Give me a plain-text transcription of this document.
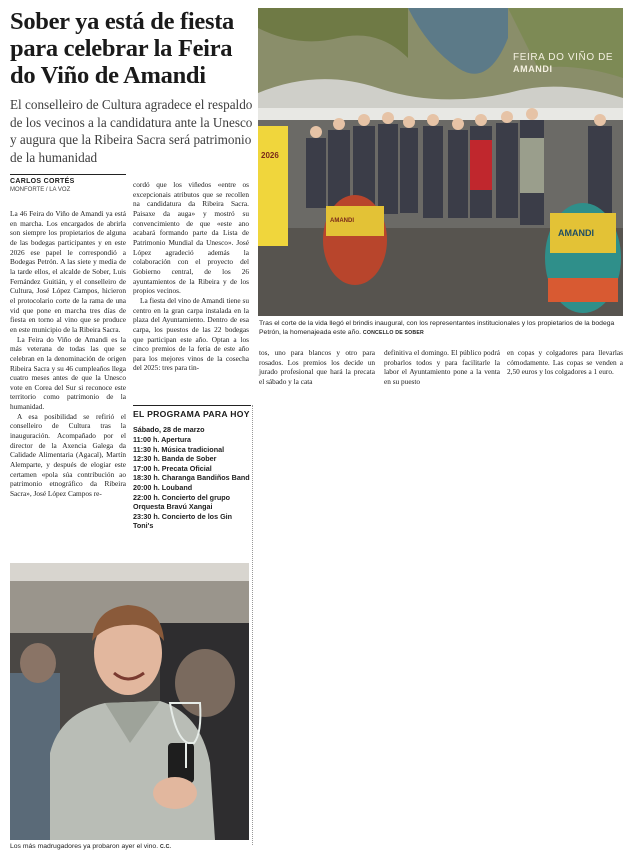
Sober ya está de fiesta para celebrar la Feira do Viño de Amandi
El conselleiro de Cultura agradece el respaldo de los vecinos a la candidatura ante la Unesco y augura que la Ribeira Sacra será patrimonio de la humanidad
CARLOS CORTÉS
MONFORTE / LA VOZ

La 46 Feira do Viño de Amandi ya está en marcha. Los encargados de abrirla son siempre los propietarios de alguna de las bodegas participantes y en este 2026 ese papel le correspondió a Bodegas Petrón. A las siete y media de la tarde ellos, el alcalde de Sober, Luis Fernández Guitián, y el conselleiro de Cultura, José López Campos, hicieron el protocolario corte de la rama de una vid que pone en marcha tres días de fiesta en torno al vino que se produce en este municipio de la Ribeira Sacra.

La Feira do Viño de Amandi es la más veterana de todas las que se celebran en la denominación de origen Ribeira Sacra y su 46 cumpleaños llega cuatro meses antes de que la Unesco vote en Corea del Sur si reconoce este territorio como patrimonio de la humanidad.

A esa posibilidad se refirió el conselleiro de Cultura tras la inauguración. Acompañado por el director de la Axencia Galega da Calidade Alimentaria (Agacal), Martín Alemparte, y después de elogiar este certamen «pola súa contribución ao patrimonio etnográfico da Ribeira Sacra», José López Campos re-

cordó que los viñedos «entre os excepcionais atributos que se recollen na candidatura da Ribeira Sacra. Paisaxe da auga» y mostró su convencimiento de que «este ano acabará formando parte da Lista de Patrimonio Mundial da Unesco». José López agradeció además la colaboración con el proyecto del Gobierno central, de los 26 ayuntamientos de la Ribeira y de los propios vecinos.

La fiesta del vino de Amandi tiene su centro en la gran carpa instalada en la plaza del Ayuntamiento. Dentro de esa carpa, los puestos de las 22 bodegas que participan este año. Optan a los cinco premios de la feria de este año para los mejores vinos de la cosecha del 2025: tres para tin-

FEIRA DO VIÑO DE
AMANDI
2026
AMANDI
AMANDI
Tras el corte de la vida llegó el brindis inaugural, con los representantes institucionales y los propietarios de la bodega Petrón, la homenajeada este año. CONCELLO DE SOBER
tos, uno para blancos y otro para rosados. Los premios los decide un jurado profesional que hará la precata el sábado y la cata
definitiva el domingo. El público podrá probarlos todos y para facilitarle la labor el Ayuntamiento pone a la venta en su puesto
en copas y colgadores para llevarlas cómodamente. Las copas se venden a 2,50 euros y los colgadores a 1 euro.
EL PROGRAMA PARA HOY
Sábado, 28 de marzo
11:00 h. Apertura
11:30 h. Música tradicional
12:30 h. Banda de Sober
17:00 h. Precata Oficial
18:30 h. Charanga Bandiños Band
20:00 h. Louband
22:00 h. Concierto del grupo Orquesta Bravú Xangai
23:30 h. Concierto de los Gin Toni's
Los más madrugadores ya probaron ayer el vino. C.C.
